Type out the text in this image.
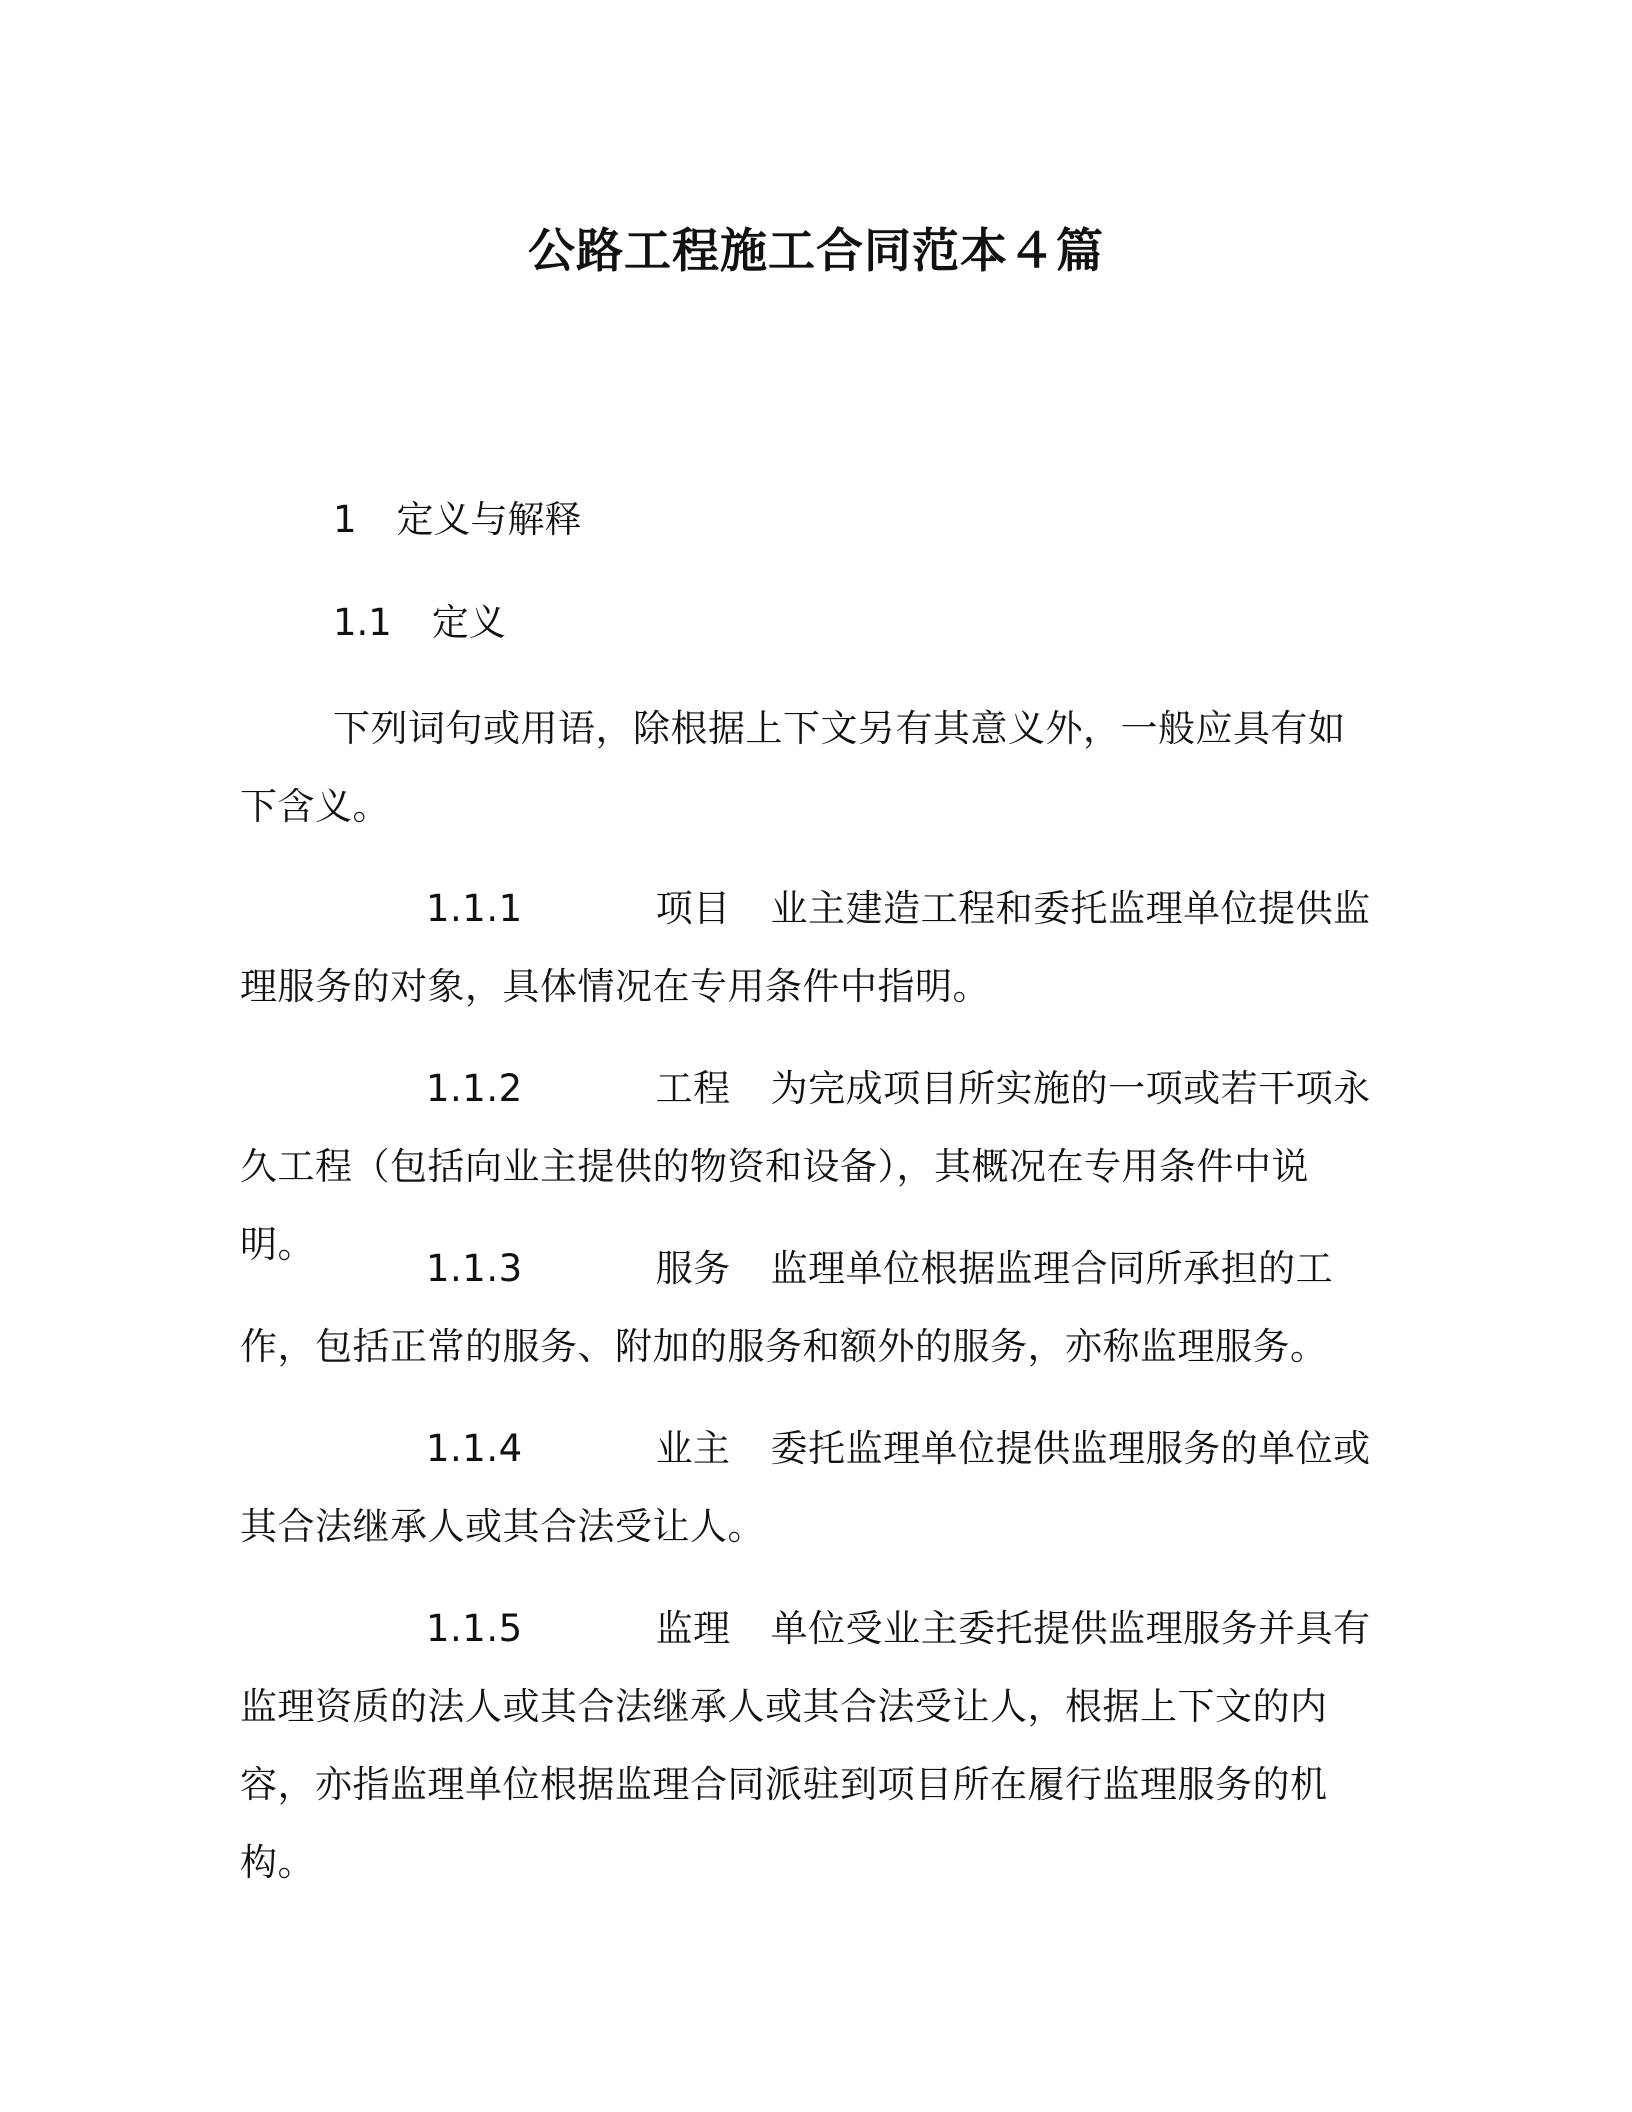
公路工程施工合同范本４篇

1 定义与解释

1.1 定义

下列词句或用语，除根据上下文另有其意义外，一般应具有如下含义。

1.1.1	项目 业主建造工程和委托监理单位提供监理服务的对象，具体情况在专用条件中指明。

1.1.2	工程 为完成项目所实施的一项或若干项永久工程（包括向业主提供的物资和设备），其概况在专用条件中说明。

1.1.3	服务 监理单位根据监理合同所承担的工作，包括正常的服务、附加的服务和额外的服务，亦称监理服务。

1.1.4	业主 委托监理单位提供监理服务的单位或其合法继承人或其合法受让人。

1.1.5	监理 单位受业主委托提供监理服务并具有监理资质的法人或其合法继承人或其合法受让人，根据上下文的内容，亦指监理单位根据监理合同派驻到项目所在履行监理服务的机构。
